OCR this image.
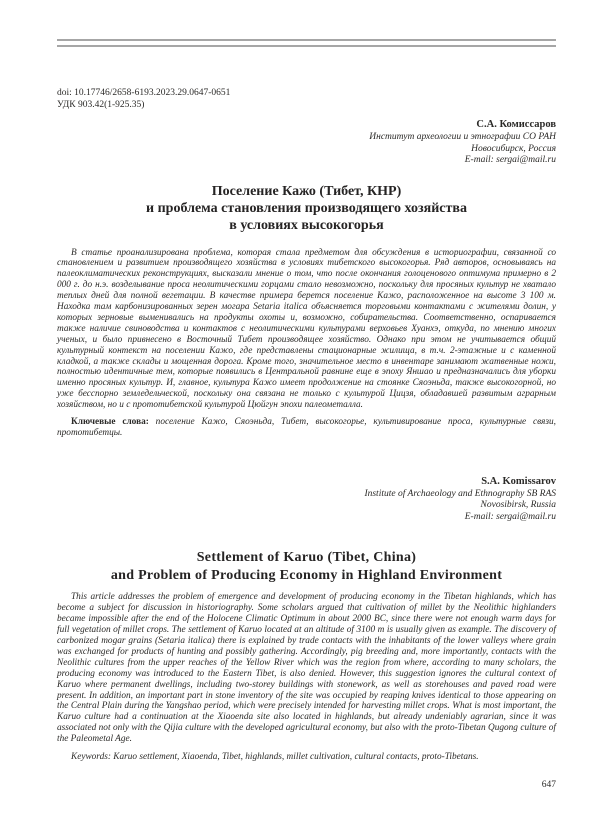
doi: 10.17746/2658-6193.2023.29.0647-0651
УДК 903.42(1-925.35)
С.А. Комиссаров
Институт археологии и этнографии СО РАН
Новосибирск, Россия
E-mail: sergai@mail.ru
Поселение Кажо (Тибет, КНР)
и проблема становления производящего хозяйства
в условиях высокогорья
В статье проанализирована проблема, которая стала предметом для обсуждения в историографии, связанной со становлением и развитием производящего хозяйства в условиях тибетского высокогорья. Ряд авторов, основываясь на палеоклиматических реконструкциях, высказали мнение о том, что после окончания голоценового оптимума примерно в 2 000 г. до н.э. возделывание проса неолитическими горцами стало невозможно, поскольку для просяных культур не хватало теплых дней для полной вегетации. В качестве примера берется поселение Кажо, расположенное на высоте 3 100 м. Находка там карбонизированных зерен могара Setaria italica объясняется торговыми контактами с жителями долин, у которых зерновые выменивались на продукты охоты и, возможно, собирательства. Соответственно, оспаривается также наличие свиноводства и контактов с неолитическими культурами верховьев Хуанхэ, откуда, по мнению многих ученых, и было привнесено в Восточный Тибет производящее хозяйство. Однако при этом не учитывается общий культурный контекст на поселении Кажо, где представлены стационарные жилища, в т.ч. 2-этажные и с каменной кладкой, а также склады и мощенная дорога. Кроме того, значительное место в инвентаре занимают жатвенные ножи, полностью идентичные тем, которые появились в Центральной равнине еще в эпоху Яншао и предназначались для уборки именно просяных культур. И, главное, культура Кажо имеет продолжение на стоянке Сяоэньда, также высокогорной, но уже бесспорно земледельческой, поскольку она связана не только с культурой Цицзя, обладавшей развитым аграрным хозяйством, но и с прототибетской культурой Цюйгун эпохи палеометалла.
Ключевые слова: поселение Кажо, Сяоэньда, Тибет, высокогорье, культивирование проса, культурные связи, прототибетцы.
S.A. Komissarov
Institute of Archaeology and Ethnography SB RAS
Novosibirsk, Russia
E-mail: sergai@mail.ru
Settlement of Karuo (Tibet, China)
and Problem of Producing Economy in Highland Environment
This article addresses the problem of emergence and development of producing economy in the Tibetan highlands, which has become a subject for discussion in historiography. Some scholars argued that cultivation of millet by the Neolithic highlanders became impossible after the end of the Holocene Climatic Optimum in about 2000 BC, since there were not enough warm days for full vegetation of millet crops. The settlement of Karuo located at an altitude of 3100 m is usually given as example. The discovery of carbonized mogar grains (Setaria italica) there is explained by trade contacts with the inhabitants of the lower valleys where grain was exchanged for products of hunting and possibly gathering. Accordingly, pig breeding and, more importantly, contacts with the Neolithic cultures from the upper reaches of the Yellow River which was the region from where, according to many scholars, the producing economy was introduced to the Eastern Tibet, is also denied. However, this suggestion ignores the cultural context of Karuo where permanent dwellings, including two-storey buildings with stonework, as well as storehouses and paved road were present. In addition, an important part in stone inventory of the site was occupied by reaping knives identical to those appearing on the Central Plain during the Yangshao period, which were precisely intended for harvesting millet crops. What is most important, the Karuo culture had a continuation at the Xiaoenda site also located in highlands, but already undeniably agrarian, since it was associated not only with the Qijia culture with the developed agricultural economy, but also with the proto-Tibetan Qugong culture of the Paleometal Age.
Keywords: Karuo settlement, Xiaoenda, Tibet, highlands, millet cultivation, cultural contacts, proto-Tibetans.
647
